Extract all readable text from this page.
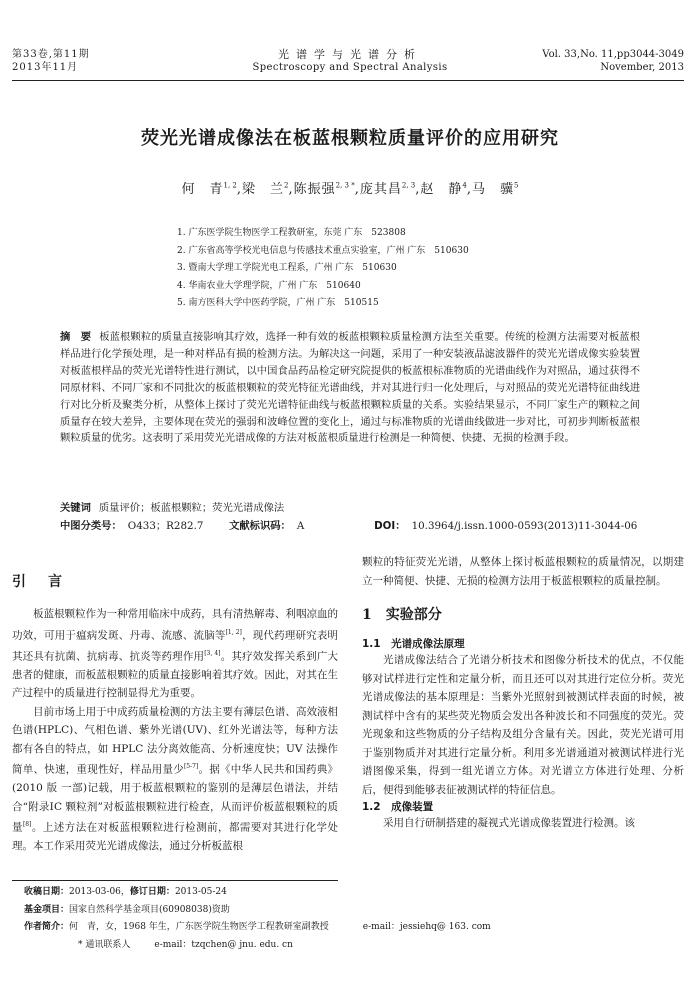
第33卷,第11期
2013年11月
光谱学与光谱分析
Spectroscopy and Spectral Analysis
Vol. 33,No. 11,pp3044-3049
November, 2013
荧光光谱成像法在板蓝根颗粒质量评价的应用研究
何　青$^{1, 2}$,梁　兰$^2$,陈振强$^{2, 3 *}$,庞其昌$^{2, 3}$,赵　静$^4$,马　骥$^5$
1. 广东医学院生物医学工程教研室，东莞 广东　523808
2. 广东省高等学校光电信息与传感技术重点实验室，广州 广东　510630
3. 暨南大学理工学院光电工程系，广州 广东　510630
4. 华南农业大学理学院，广州 广东　510640
5. 南方医科大学中医药学院，广州 广东　510515
摘　要 板蓝根颗粒的质量直接影响其疗效，选择一种有效的板蓝根颗粒质量检测方法至关重要。传统的检测方法需要对板蓝根样品进行化学预处理，是一种对样品有损的检测方法。为解决这一问题，采用了一种安装液晶滤波器件的荧光光谱成像实验装置对板蓝根样品的荧光光谱特性进行测试，以中国食品药品检定研究院提供的板蓝根标准物质的光谱曲线作为对照品，通过获得不同原材料、不同厂家和不同批次的板蓝根颗粒的荧光特征光谱曲线，并对其进行归一化处理后，与对照品的荧光光谱特征曲线进行对比分析及聚类分析，从整体上探讨了荧光光谱特征曲线与板蓝根颗粒质量的关系。实验结果显示，不同厂家生产的颗粒之间质量存在较大差异，主要体现在荧光的强弱和波峰位置的变化上，通过与标准物质的光谱曲线做进一步对比，可初步判断板蓝根颗粒质量的优劣。这表明了采用荧光光谱成像的方法对板蓝根质量进行检测是一种简便、快捷、无损的检测手段。
关键词 质量评价；板蓝根颗粒；荧光光谱成像法
中图分类号： O433；R282.7 文献标识码： A	DOI： 10.3964/j.issn.1000-0593(2013)11-3044-06
引　言

板蓝根颗粒作为一种常用临床中成药，具有清热解毒、利咽凉血的功效，可用于瘟病发斑、丹毒、流感、流脑等[1, 2]，现代药理研究表明其还具有抗菌、抗病毒、抗炎等药理作用[3, 4]。其疗效发挥关系到广大患者的健康，而板蓝根颗粒的质量直接影响着其疗效。因此，对其在生产过程中的质量进行控制显得尤为重要。

目前市场上用于中成药质量检测的方法主要有薄层色谱、高效液相色谱(HPLC)、气相色谱、紫外光谱(UV)、红外光谱法等，每种方法都有各自的特点，如 HPLC 法分离效能高、分析速度快；UV 法操作简单、快速，重现性好，样品用量少[5-7]。据《中华人民共和国药典》(2010 版 一部)记载，用于板蓝根颗粒的鉴别的是薄层色谱法，并结合“附录ⅠC 颗粒剂”对板蓝根颗粒进行检查，从而评价板蓝根颗粒的质量[8]。上述方法在对板蓝根颗粒进行检测前，都需要对其进行化学处理。本工作采用荧光光谱成像法，通过分析板蓝根

颗粒的特征荧光光谱，从整体上探讨板蓝根颗粒的质量情况，以期建立一种简便、快捷、无损的检测方法用于板蓝根颗粒的质量控制。

1　实验部分
1.1　光谱成像法原理

光谱成像法结合了光谱分析技术和图像分析技术的优点，不仅能够对试样进行定性和定量分析，而且还可以对其进行定位分析。荧光光谱成像法的基本原理是：当紫外光照射到被测试样表面的时候，被测试样中含有的某些荧光物质会发出各种波长和不同强度的荧光。荧光现象和这些物质的分子结构及组分含量有关。因此，荧光光谱可用于鉴别物质并对其进行定量分析。利用多光谱通道对被测试样进行光谱图像采集，得到一组光谱立方体。对光谱立方体进行处理、分析后，便得到能够表征被测试样的特征信息。

1.2　成像装置

采用自行研制搭建的凝视式光谱成像装置进行检测。该

收稿日期：2013-03-06，修订日期：2013-05-24
基金项目：国家自然科学基金项目(60908038)资助
作者简介：何　青，女，1968 年生，广东医学院生物医学工程教研室副教授	e-mail：jessiehq@ 163. com
* 通讯联系人	e-mail：tzqchen@ jnu. edu. cn
